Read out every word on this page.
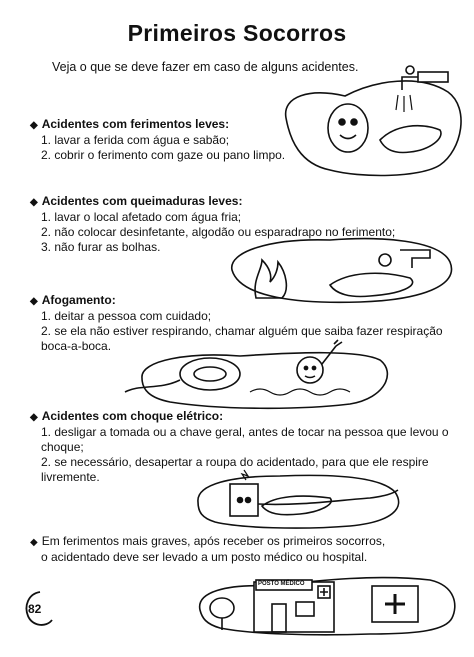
Primeiros Socorros
Veja o que se deve fazer em caso de alguns acidentes.
◆ Acidentes com ferimentos leves:
1. lavar a ferida com água e sabão;
2. cobrir o ferimento com gaze ou pano limpo.
◆ Acidentes com queimaduras leves:
1. lavar o local afetado com água fria;
2. não colocar desinfetante, algodão ou esparadrapo no ferimento;
3. não furar as bolhas.
◆ Afogamento:
1. deitar a pessoa com cuidado;
2. se ela não estiver respirando, chamar alguém que saiba fazer respiração
boca-a-boca.
◆ Acidentes com choque elétrico:
1. desligar a tomada ou a chave geral, antes de tocar na pessoa que levou o
choque;
2. se necessário, desapertar a roupa do acidentado, para que ele respire
livremente.
◆ Em ferimentos mais graves, após receber os primeiros socorros,
o acidentado deve ser levado a um posto médico ou hospital.
POSTO MÉDICO
82
